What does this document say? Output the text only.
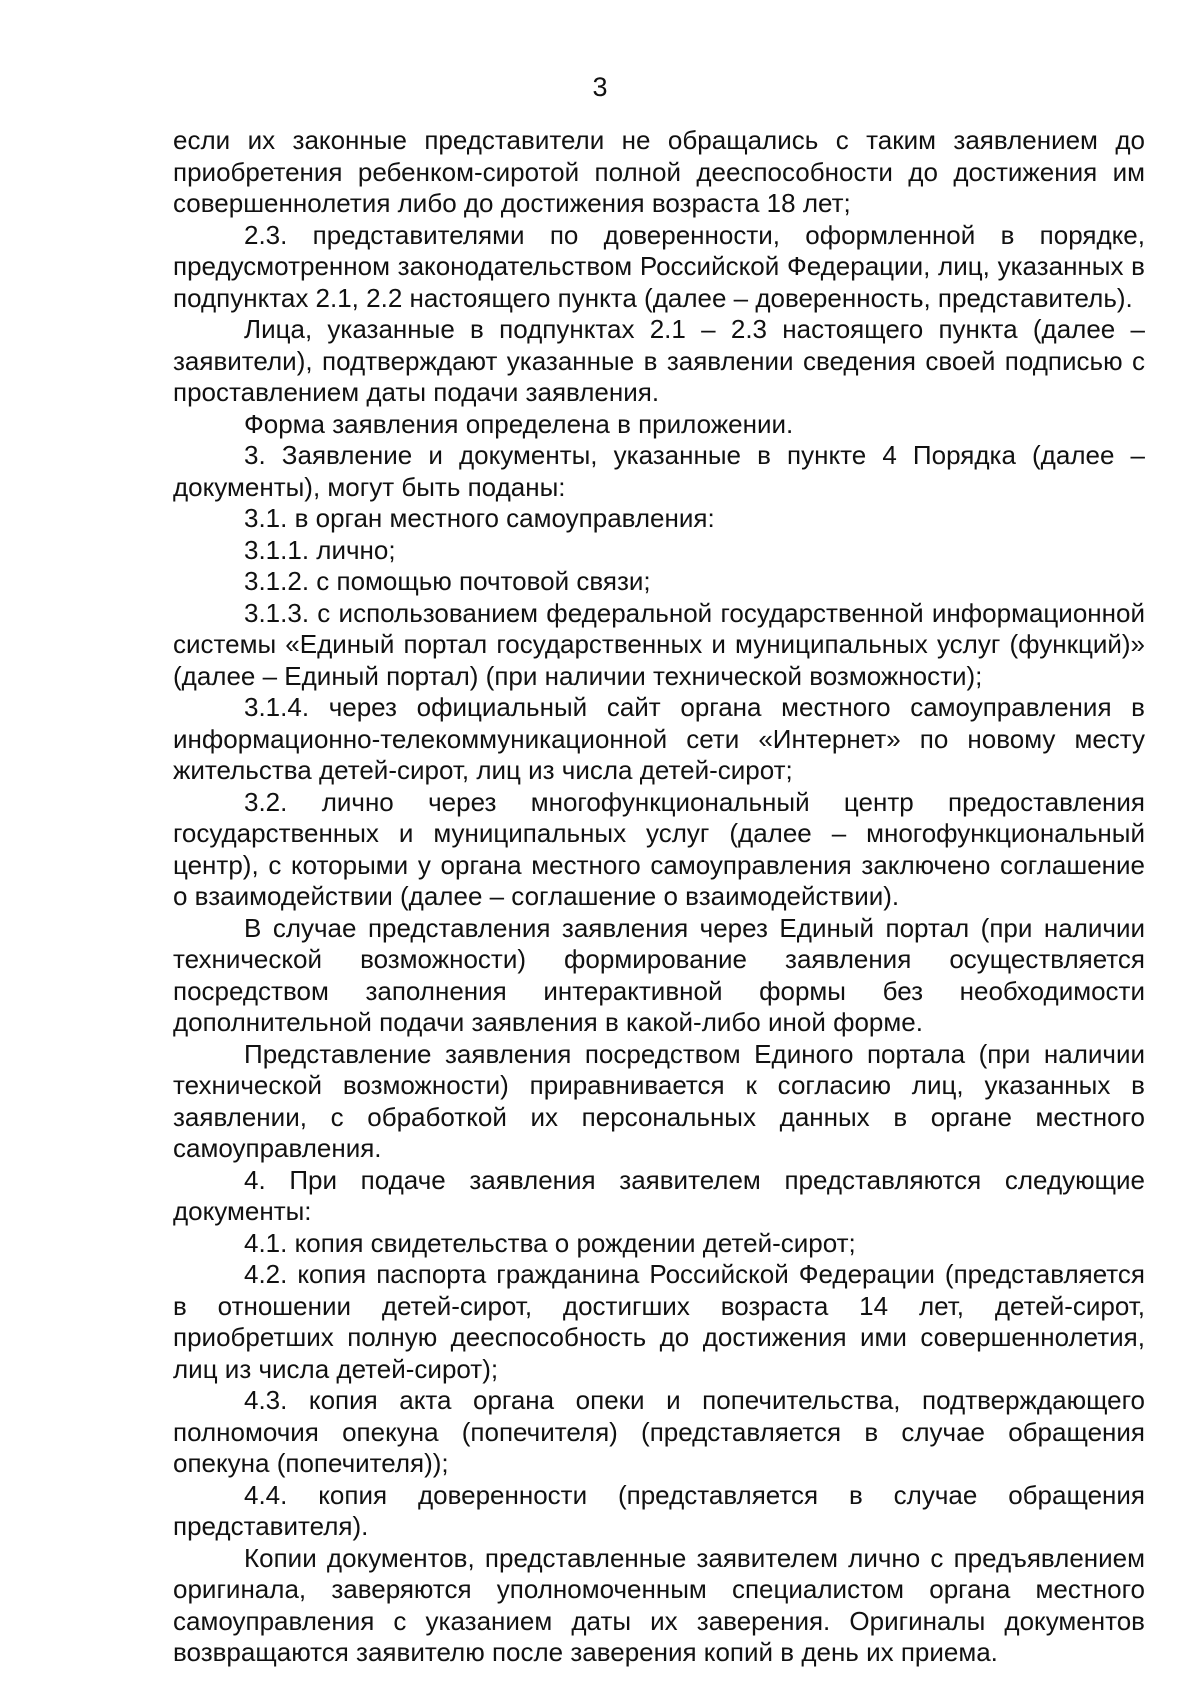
3

если их законные представители не обращались с таким заявлением до приобретения ребенком-сиротой полной дееспособности до достижения им совершеннолетия либо до достижения возраста 18 лет;

2.3. представителями по доверенности, оформленной в порядке, предусмотренном законодательством Российской Федерации, лиц, указанных в подпунктах 2.1, 2.2 настоящего пункта (далее – доверенность, представитель).

Лица, указанные в подпунктах 2.1 – 2.3 настоящего пункта (далее – заявители), подтверждают указанные в заявлении сведения своей подписью с проставлением даты подачи заявления.

Форма заявления определена в приложении.

3. Заявление и документы, указанные в пункте 4 Порядка (далее – документы), могут быть поданы:

3.1. в орган местного самоуправления:

3.1.1. лично;

3.1.2. с помощью почтовой связи;

3.1.3. с использованием федеральной государственной информационной системы «Единый портал государственных и муниципальных услуг (функций)» (далее – Единый портал) (при наличии технической возможности);

3.1.4. через официальный сайт органа местного самоуправления в информационно-телекоммуникационной сети «Интернет» по новому месту жительства детей-сирот, лиц из числа детей-сирот;

3.2. лично через многофункциональный центр предоставления государственных и муниципальных услуг (далее – многофункциональный центр), с которыми у органа местного самоуправления заключено соглашение о взаимодействии (далее – соглашение о взаимодействии).

В случае представления заявления через Единый портал (при наличии технической возможности) формирование заявления осуществляется посредством заполнения интерактивной формы без необходимости дополнительной подачи заявления в какой-либо иной форме.

Представление заявления посредством Единого портала (при наличии технической возможности) приравнивается к согласию лиц, указанных в заявлении, с обработкой их персональных данных в органе местного самоуправления.

4. При подаче заявления заявителем представляются следующие документы:

4.1. копия свидетельства о рождении детей-сирот;

4.2. копия паспорта гражданина Российской Федерации (представляется в отношении детей-сирот, достигших возраста 14 лет, детей-сирот, приобретших полную дееспособность до достижения ими совершеннолетия, лиц из числа детей-сирот);

4.3. копия акта органа опеки и попечительства, подтверждающего полномочия опекуна (попечителя) (представляется в случае обращения опекуна (попечителя));

4.4. копия доверенности (представляется в случае обращения представителя).

Копии документов, представленные заявителем лично с предъявлением оригинала, заверяются уполномоченным специалистом органа местного самоуправления с указанием даты их заверения. Оригиналы документов возвращаются заявителю после заверения копий в день их приема.
